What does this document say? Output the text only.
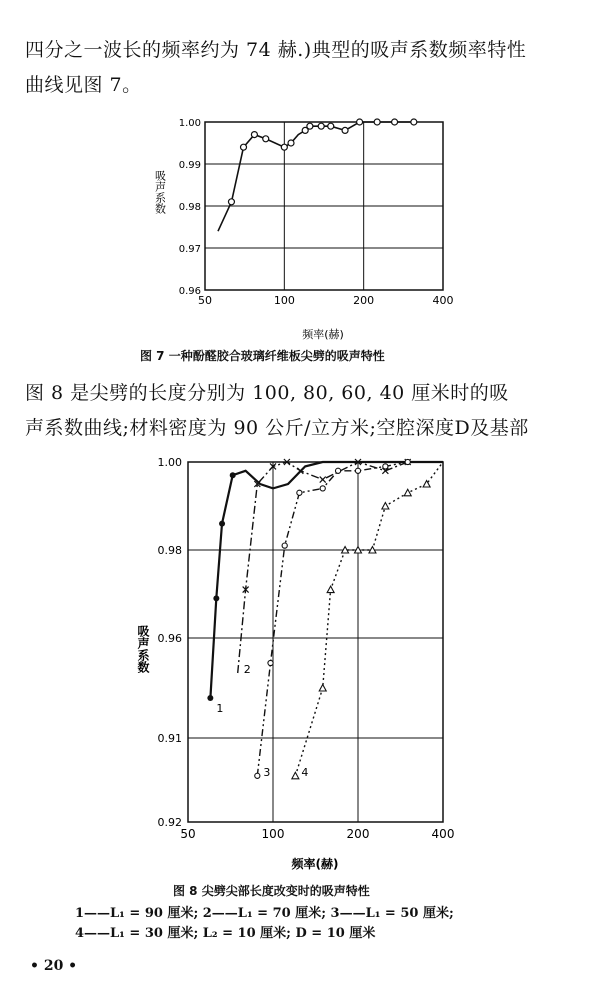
四分之一波长的频率约为 74 赫.)典型的吸声系数频率特性
曲线见图 7。
1.00
0.99
0.98
0.97
0.96
50	100	200	400
吸声系数
频率(赫)
图 7 一种酚醛胶合玻璃纤维板尖劈的吸声特性
图 8 是尖劈的长度分别为 100, 80, 60, 40 厘米时的吸
声系数曲线;材料密度为 90 公斤/立方米;空腔深度D及基部
1.00
0.98
0.96
0.91
0.92
50	100	200	400
1
2
3	4
吸声系数
频率(赫)
图 8 尖劈尖部长度改变时的吸声特性
1——L₁ = 90 厘米; 2——L₁ = 70 厘米; 3——L₁ = 50 厘米;
4——L₁ = 30 厘米; L₂ = 10 厘米; D = 10 厘米
• 20 •
